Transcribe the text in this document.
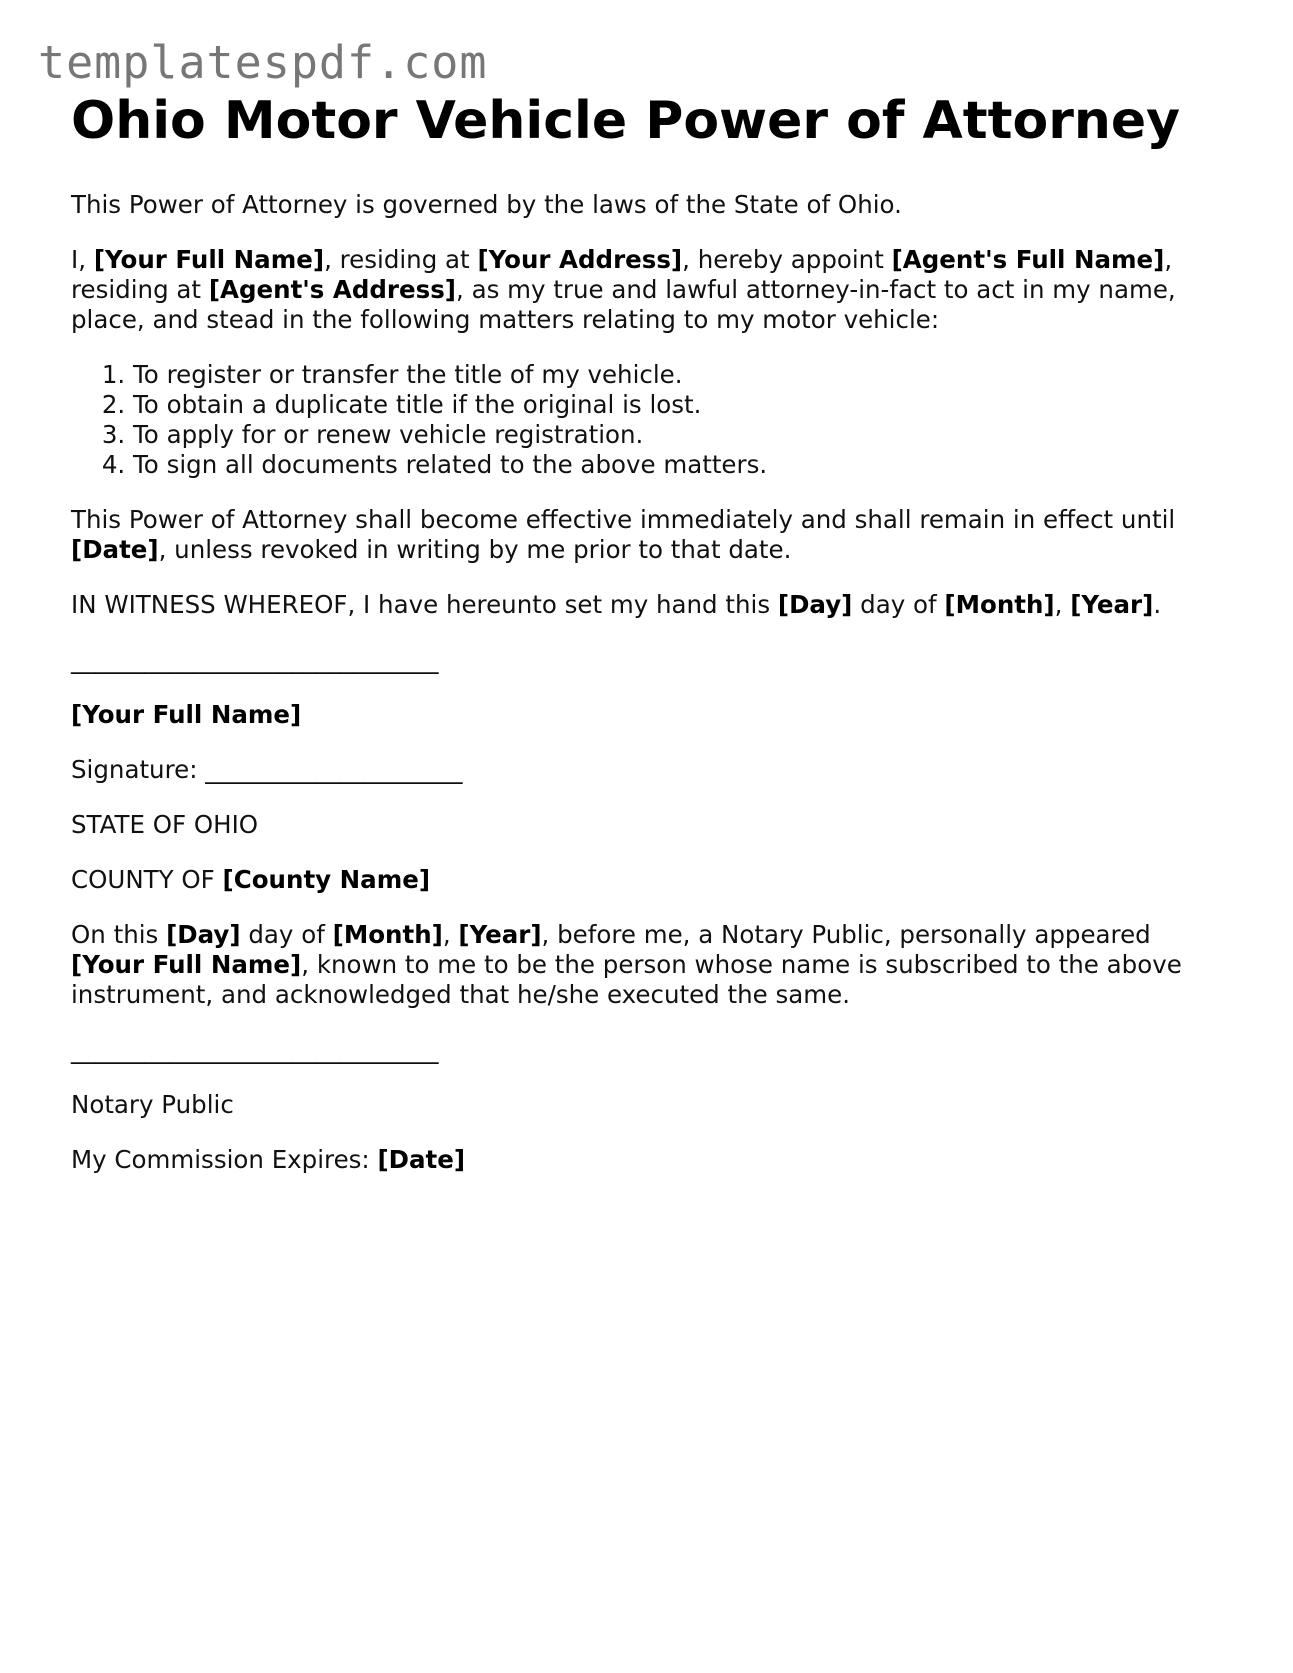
templatespdf.com
Ohio Motor Vehicle Power of Attorney

This Power of Attorney is governed by the laws of the State of Ohio.

I, [Your Full Name], residing at [Your Address], hereby appoint [Agent's Full Name], residing at [Agent's Address], as my true and lawful attorney-in-fact to act in my name, place, and stead in the following matters relating to my motor vehicle:

1. To register or transfer the title of my vehicle.
2. To obtain a duplicate title if the original is lost.
3. To apply for or renew vehicle registration.
4. To sign all documents related to the above matters.

This Power of Attorney shall become effective immediately and shall remain in effect until [Date], unless revoked in writing by me prior to that date.

IN WITNESS WHEREOF, I have hereunto set my hand this [Day] day of [Month], [Year].

______________________________

[Your Full Name]

Signature: _____________________

STATE OF OHIO

COUNTY OF [County Name]

On this [Day] day of [Month], [Year], before me, a Notary Public, personally appeared [Your Full Name], known to me to be the person whose name is subscribed to the above instrument, and acknowledged that he/she executed the same.

______________________________

Notary Public

My Commission Expires: [Date]
